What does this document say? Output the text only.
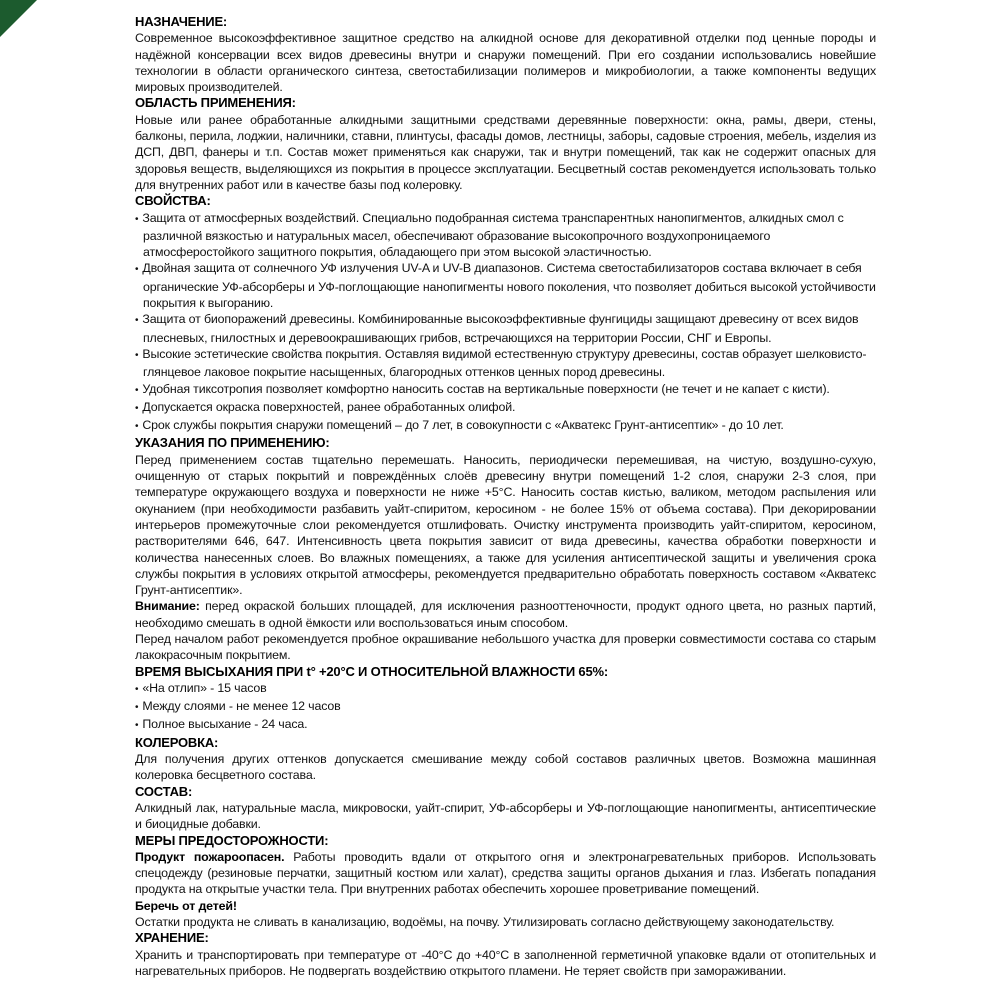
НАЗНАЧЕНИЕ:
Современное высокоэффективное защитное средство на алкидной основе для декоративной отделки под ценные породы и надёжной консервации всех видов древесины внутри и снаружи помещений. При его создании использовались новейшие технологии в области органического синтеза, светостабилизации полимеров и микробиологии, а также компоненты ведущих мировых производителей.
ОБЛАСТЬ ПРИМЕНЕНИЯ:
Новые или ранее обработанные алкидными защитными средствами деревянные поверхности: окна, рамы, двери, стены, балконы, перила, лоджии, наличники, ставни, плинтусы, фасады домов, лестницы, заборы, садовые строения, мебель, изделия из ДСП, ДВП, фанеры и т.п. Состав может применяться как снаружи, так и внутри помещений, так как не содержит опасных для здоровья веществ, выделяющихся из покрытия в процессе эксплуатации. Бесцветный состав рекомендуется использовать только для внутренних работ или в качестве базы под колеровку.
СВОЙСТВА:
• Защита от атмосферных воздействий. Специально подобранная система транспарентных нанопигментов, алкидных смол с различной вязкостью и натуральных масел, обеспечивают образование высокопрочного воздухопроницаемого атмосферостойкого защитного покрытия, обладающего при этом высокой эластичностью.
• Двойная защита от солнечного УФ излучения UV-A и UV-B диапазонов. Система светостабилизаторов состава включает в себя органические УФ-абсорберы и УФ-поглощающие нанопигменты нового поколения, что позволяет добиться высокой устойчивости покрытия к выгоранию.
• Защита от биопоражений древесины. Комбинированные высокоэффективные фунгициды защищают древесину от всех видов плесневых, гнилостных и деревоокрашивающих грибов, встречающихся на территории России, СНГ и Европы.
• Высокие эстетические свойства покрытия. Оставляя видимой естественную структуру древесины, состав образует шелковисто-глянцевое лаковое покрытие насыщенных, благородных оттенков ценных пород древесины.
• Удобная тиксотропия позволяет комфортно наносить состав на вертикальные поверхности (не течет и не капает с кисти).
• Допускается окраска поверхностей, ранее обработанных олифой.
• Срок службы покрытия снаружи помещений – до 7 лет, в совокупности с «Акватекс Грунт-антисептик» - до 10 лет.
УКАЗАНИЯ ПО ПРИМЕНЕНИЮ:
Перед применением состав тщательно перемешать. Наносить, периодически перемешивая, на чистую, воздушно-сухую, очищенную от старых покрытий и повреждённых слоёв древесину внутри помещений 1-2 слоя, снаружи 2-3 слоя, при температуре окружающего воздуха и поверхности не ниже +5°С. Наносить состав кистью, валиком, методом распыления или окунанием (при необходимости разбавить уайт-спиритом, керосином - не более 15% от объема состава). При декорировании интерьеров промежуточные слои рекомендуется отшлифовать. Очистку инструмента производить уайт-спиритом, керосином, растворителями 646, 647. Интенсивность цвета покрытия зависит от вида древесины, качества обработки поверхности и количества нанесенных слоев. Во влажных помещениях, а также для усиления антисептической защиты и увеличения срока службы покрытия в условиях открытой атмосферы, рекомендуется предварительно обработать поверхность составом «Акватекс Грунт-антисептик».
Внимание: перед окраской больших площадей, для исключения разнооттеночности, продукт одного цвета, но разных партий, необходимо смешать в одной ёмкости или воспользоваться иным способом.
Перед началом работ рекомендуется пробное окрашивание небольшого участка для проверки совместимости состава со старым лакокрасочным покрытием.
ВРЕМЯ ВЫСЫХАНИЯ ПРИ t° +20°С И ОТНОСИТЕЛЬНОЙ ВЛАЖНОСТИ 65%:
• «На отлип» - 15 часов
• Между слоями - не менее 12 часов
• Полное высыхание - 24 часа.
КОЛЕРОВКА:
Для получения других оттенков допускается смешивание между собой составов различных цветов. Возможна машинная колеровка бесцветного состава.
СОСТАВ:
Алкидный лак, натуральные масла, микровоски, уайт-спирит, УФ-абсорберы и УФ-поглощающие нанопигменты, антисептические и биоцидные добавки.
МЕРЫ ПРЕДОСТОРОЖНОСТИ:
Продукт пожароопасен. Работы проводить вдали от открытого огня и электронагревательных приборов. Использовать спецодежду (резиновые перчатки, защитный костюм или халат), средства защиты органов дыхания и глаз. Избегать попадания продукта на открытые участки тела. При внутренних работах обеспечить хорошее проветривание помещений.
Беречь от детей!
Остатки продукта не сливать в канализацию, водоёмы, на почву. Утилизировать согласно действующему законодательству.
ХРАНЕНИЕ:
Хранить и транспортировать при температуре от -40°С до +40°С в заполненной герметичной упаковке вдали от отопительных и нагревательных приборов. Не подвергать воздействию открытого пламени. Не теряет свойств при замораживании.
